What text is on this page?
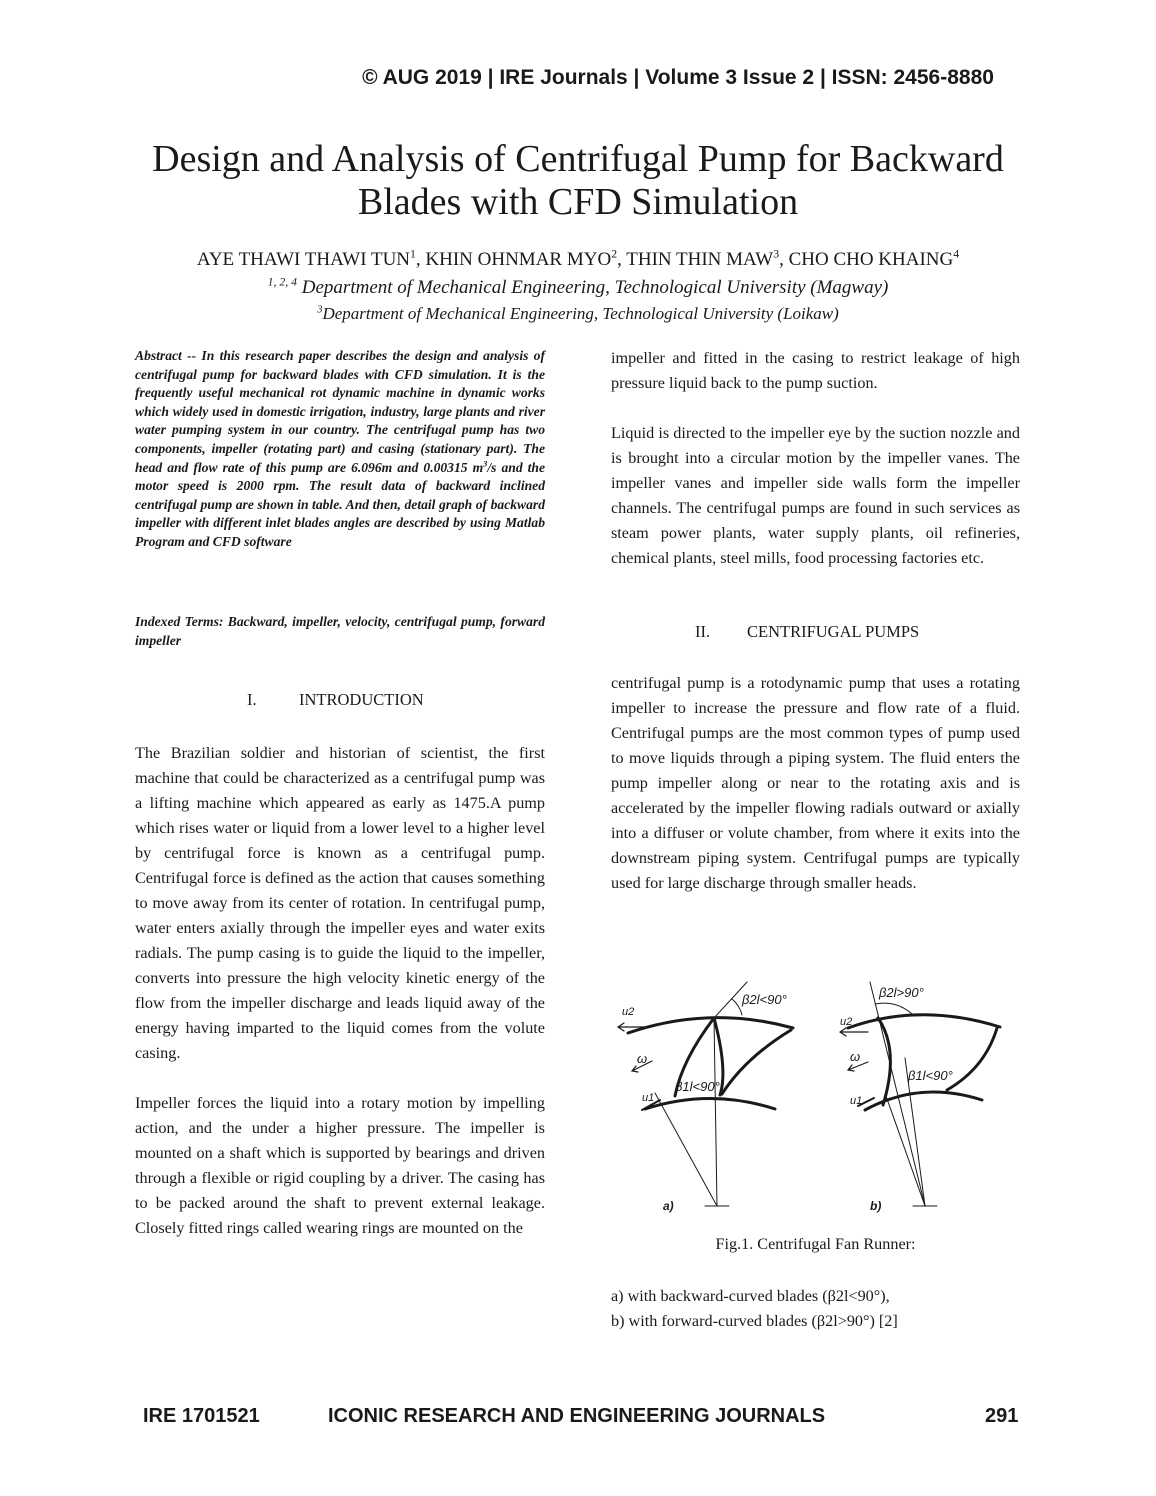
© AUG 2019 | IRE Journals | Volume 3 Issue 2 | ISSN: 2456-8880
Design and Analysis of Centrifugal Pump for Backward
Blades with CFD Simulation
AYE THAWI THAWI TUN$^1$, KHIN OHNMAR MYO$^2$, THIN THIN MAW$^3$, CHO CHO KHAING$^4$
$^{1, 2, 4}$ Department of Mechanical Engineering, Technological University (Magway)
$^3$Department of Mechanical Engineering, Technological University (Loikaw)
Abstract -- In this research paper describes the design and analysis of centrifugal pump for backward blades with CFD simulation. It is the frequently useful mechanical rot dynamic machine in dynamic works which widely used in domestic irrigation, industry, large plants and river water pumping system in our country. The centrifugal pump has two components, impeller (rotating part) and casing (stationary part). The head and flow rate of this pump are 6.096m and 0.00315 $m^3/s$ and the motor speed is 2000 rpm. The result data of backward inclined centrifugal pump are shown in table. And then, detail graph of backward impeller with different inlet blades angles are described by using Matlab Program and CFD software
Indexed Terms: Backward, impeller, velocity, centrifugal pump, forward impeller
I.	INTRODUCTION

The Brazilian soldier and historian of scientist, the first machine that could be characterized as a centrifugal pump was a lifting machine which appeared as early as 1475.A pump which rises water or liquid from a lower level to a higher level by centrifugal force is known as a centrifugal pump. Centrifugal force is defined as the action that causes something to move away from its center of rotation. In centrifugal pump, water enters axially through the impeller eyes and water exits radials. The pump casing is to guide the liquid to the impeller, converts into pressure the high velocity kinetic energy of the flow from the impeller discharge and leads liquid away of the energy having imparted to the liquid comes from the volute casing.

Impeller forces the liquid into a rotary motion by impelling action, and the under a higher pressure. The impeller is mounted on a shaft which is supported by bearings and driven through a flexible or rigid coupling by a driver. The casing has to be packed around the shaft to prevent external leakage. Closely fitted rings called wearing rings are mounted on the

impeller and fitted in the casing to restrict leakage of high pressure liquid back to the pump suction.

Liquid is directed to the impeller eye by the suction nozzle and is brought into a circular motion by the impeller vanes. The impeller vanes and impeller side walls form the impeller channels. The centrifugal pumps are found in such services as steam power plants, water supply plants, oil refineries, chemical plants, steel mills, food processing factories etc.

II. CENTRIFUGAL PUMPS
centrifugal pump is a rotodynamic pump that uses a rotating impeller to increase the pressure and flow rate of a fluid. Centrifugal pumps are the most common types of pump used to move liquids through a piping system. The fluid enters the pump impeller along or near to the rotating axis and is accelerated by the impeller flowing radials outward or axially into a diffuser or volute chamber, from where it exits into the downstream piping system. Centrifugal pumps are typically used for large discharge through smaller heads.
β2l<90°
β1l<90°
β2l>90°
β1l<90°
u2
u1
ω
u2
u1
ω
a)	b)
Fig.1. Centrifugal Fan Runner:
a) with backward-curved blades (β2l<90°),
b) with forward-curved blades (β2l>90°) [2]
IRE 1701521	ICONIC RESEARCH AND ENGINEERING JOURNALS	291
